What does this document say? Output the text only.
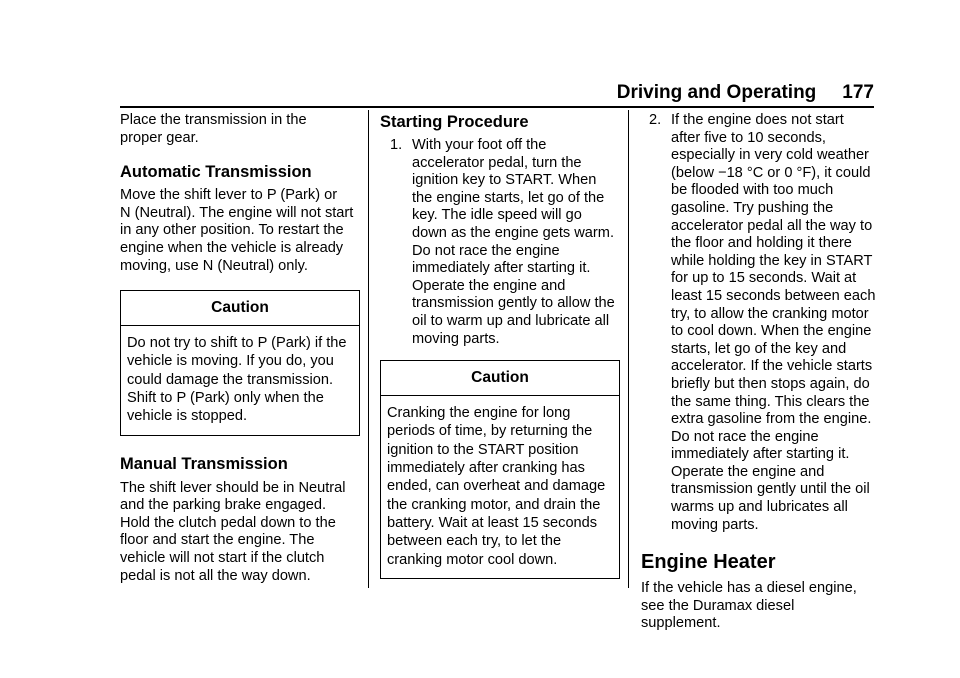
Driving and Operating 177

Place the transmission in the
proper gear.

Automatic Transmission

Move the shift lever to P (Park) or
N (Neutral). The engine will not start
in any other position. To restart the
engine when the vehicle is already
moving, use N (Neutral) only.

Caution
Do not try to shift to P (Park) if the
vehicle is moving. If you do, you
could damage the transmission.
Shift to P (Park) only when the
vehicle is stopped.
Manual Transmission

The shift lever should be in Neutral
and the parking brake engaged.
Hold the clutch pedal down to the
floor and start the engine. The
vehicle will not start if the clutch
pedal is not all the way down.

Starting Procedure
1. With your foot off the
accelerator pedal, turn the
ignition key to START. When
the engine starts, let go of the
key. The idle speed will go
down as the engine gets warm.
Do not race the engine
immediately after starting it.
Operate the engine and
transmission gently to allow the
oil to warm up and lubricate all
moving parts.
Caution
Cranking the engine for long
periods of time, by returning the
ignition to the START position
immediately after cranking has
ended, can overheat and damage
the cranking motor, and drain the
battery. Wait at least 15 seconds
between each try, to let the
cranking motor cool down.
2. If the engine does not start
after five to 10 seconds,
especially in very cold weather
(below −18 °C or 0 °F), it could
be flooded with too much
gasoline. Try pushing the
accelerator pedal all the way to
the floor and holding it there
while holding the key in START
for up to 15 seconds. Wait at
least 15 seconds between each
try, to allow the cranking motor
to cool down. When the engine
starts, let go of the key and
accelerator. If the vehicle starts
briefly but then stops again, do
the same thing. This clears the
extra gasoline from the engine.
Do not race the engine
immediately after starting it.
Operate the engine and
transmission gently until the oil
warms up and lubricates all
moving parts.
Engine Heater

If the vehicle has a diesel engine,
see the Duramax diesel
supplement.
